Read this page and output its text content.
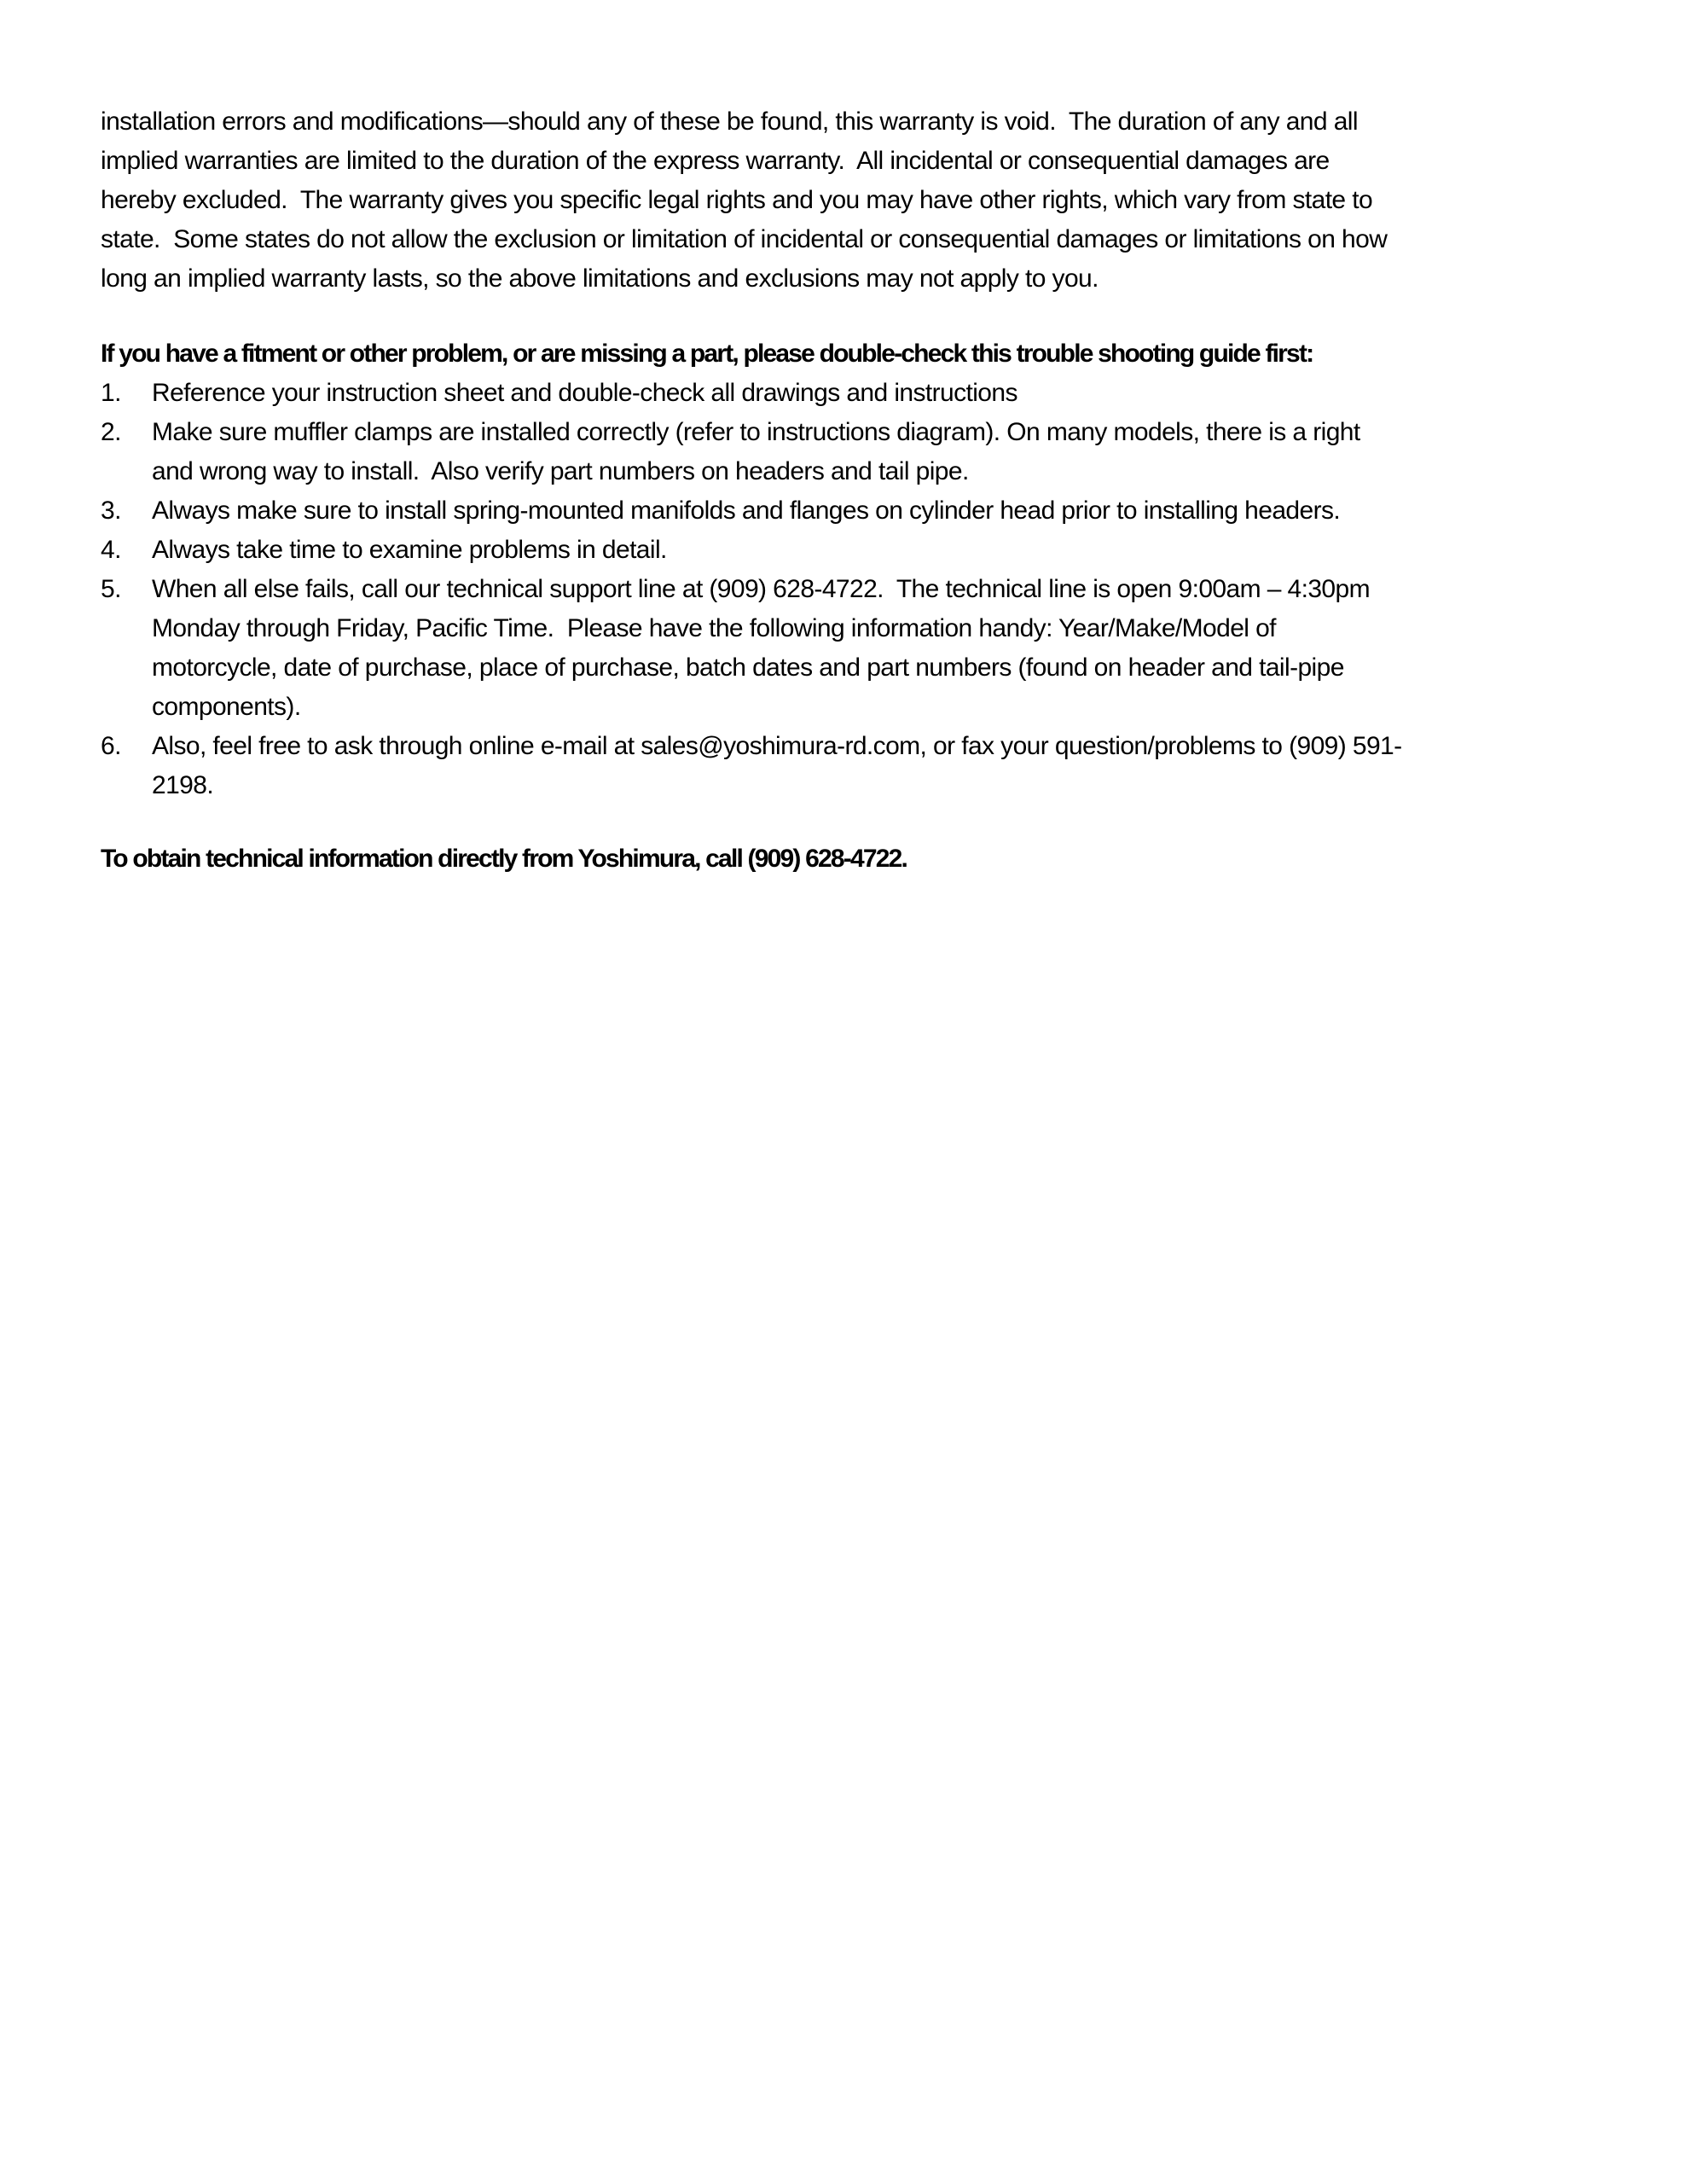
installation errors and modifications—should any of these be found, this warranty is void.  The duration of any and all
implied warranties are limited to the duration of the express warranty.  All incidental or consequential damages are
hereby excluded.  The warranty gives you specific legal rights and you may have other rights, which vary from state to
state.  Some states do not allow the exclusion or limitation of incidental or consequential damages or limitations on how
long an implied warranty lasts, so the above limitations and exclusions may not apply to you.
If you have a fitment or other problem, or are missing a part, please double-check this trouble shooting guide first:
1.	Reference your instruction sheet and double-check all drawings and instructions
2.	Make sure muffler clamps are installed correctly (refer to instructions diagram). On many models, there is a right
and wrong way to install.  Also verify part numbers on headers and tail pipe.
3.	Always make sure to install spring-mounted manifolds and flanges on cylinder head prior to installing headers.
4.	Always take time to examine problems in detail.
5.	When all else fails, call our technical support line at (909) 628-4722.  The technical line is open 9:00am – 4:30pm
Monday through Friday, Pacific Time.  Please have the following information handy: Year/Make/Model of
motorcycle, date of purchase, place of purchase, batch dates and part numbers (found on header and tail-pipe
components).
6.	Also, feel free to ask through online e-mail at sales@yoshimura-rd.com, or fax your question/problems to (909) 591-
2198.
To obtain technical information directly from Yoshimura, call (909) 628-4722.
